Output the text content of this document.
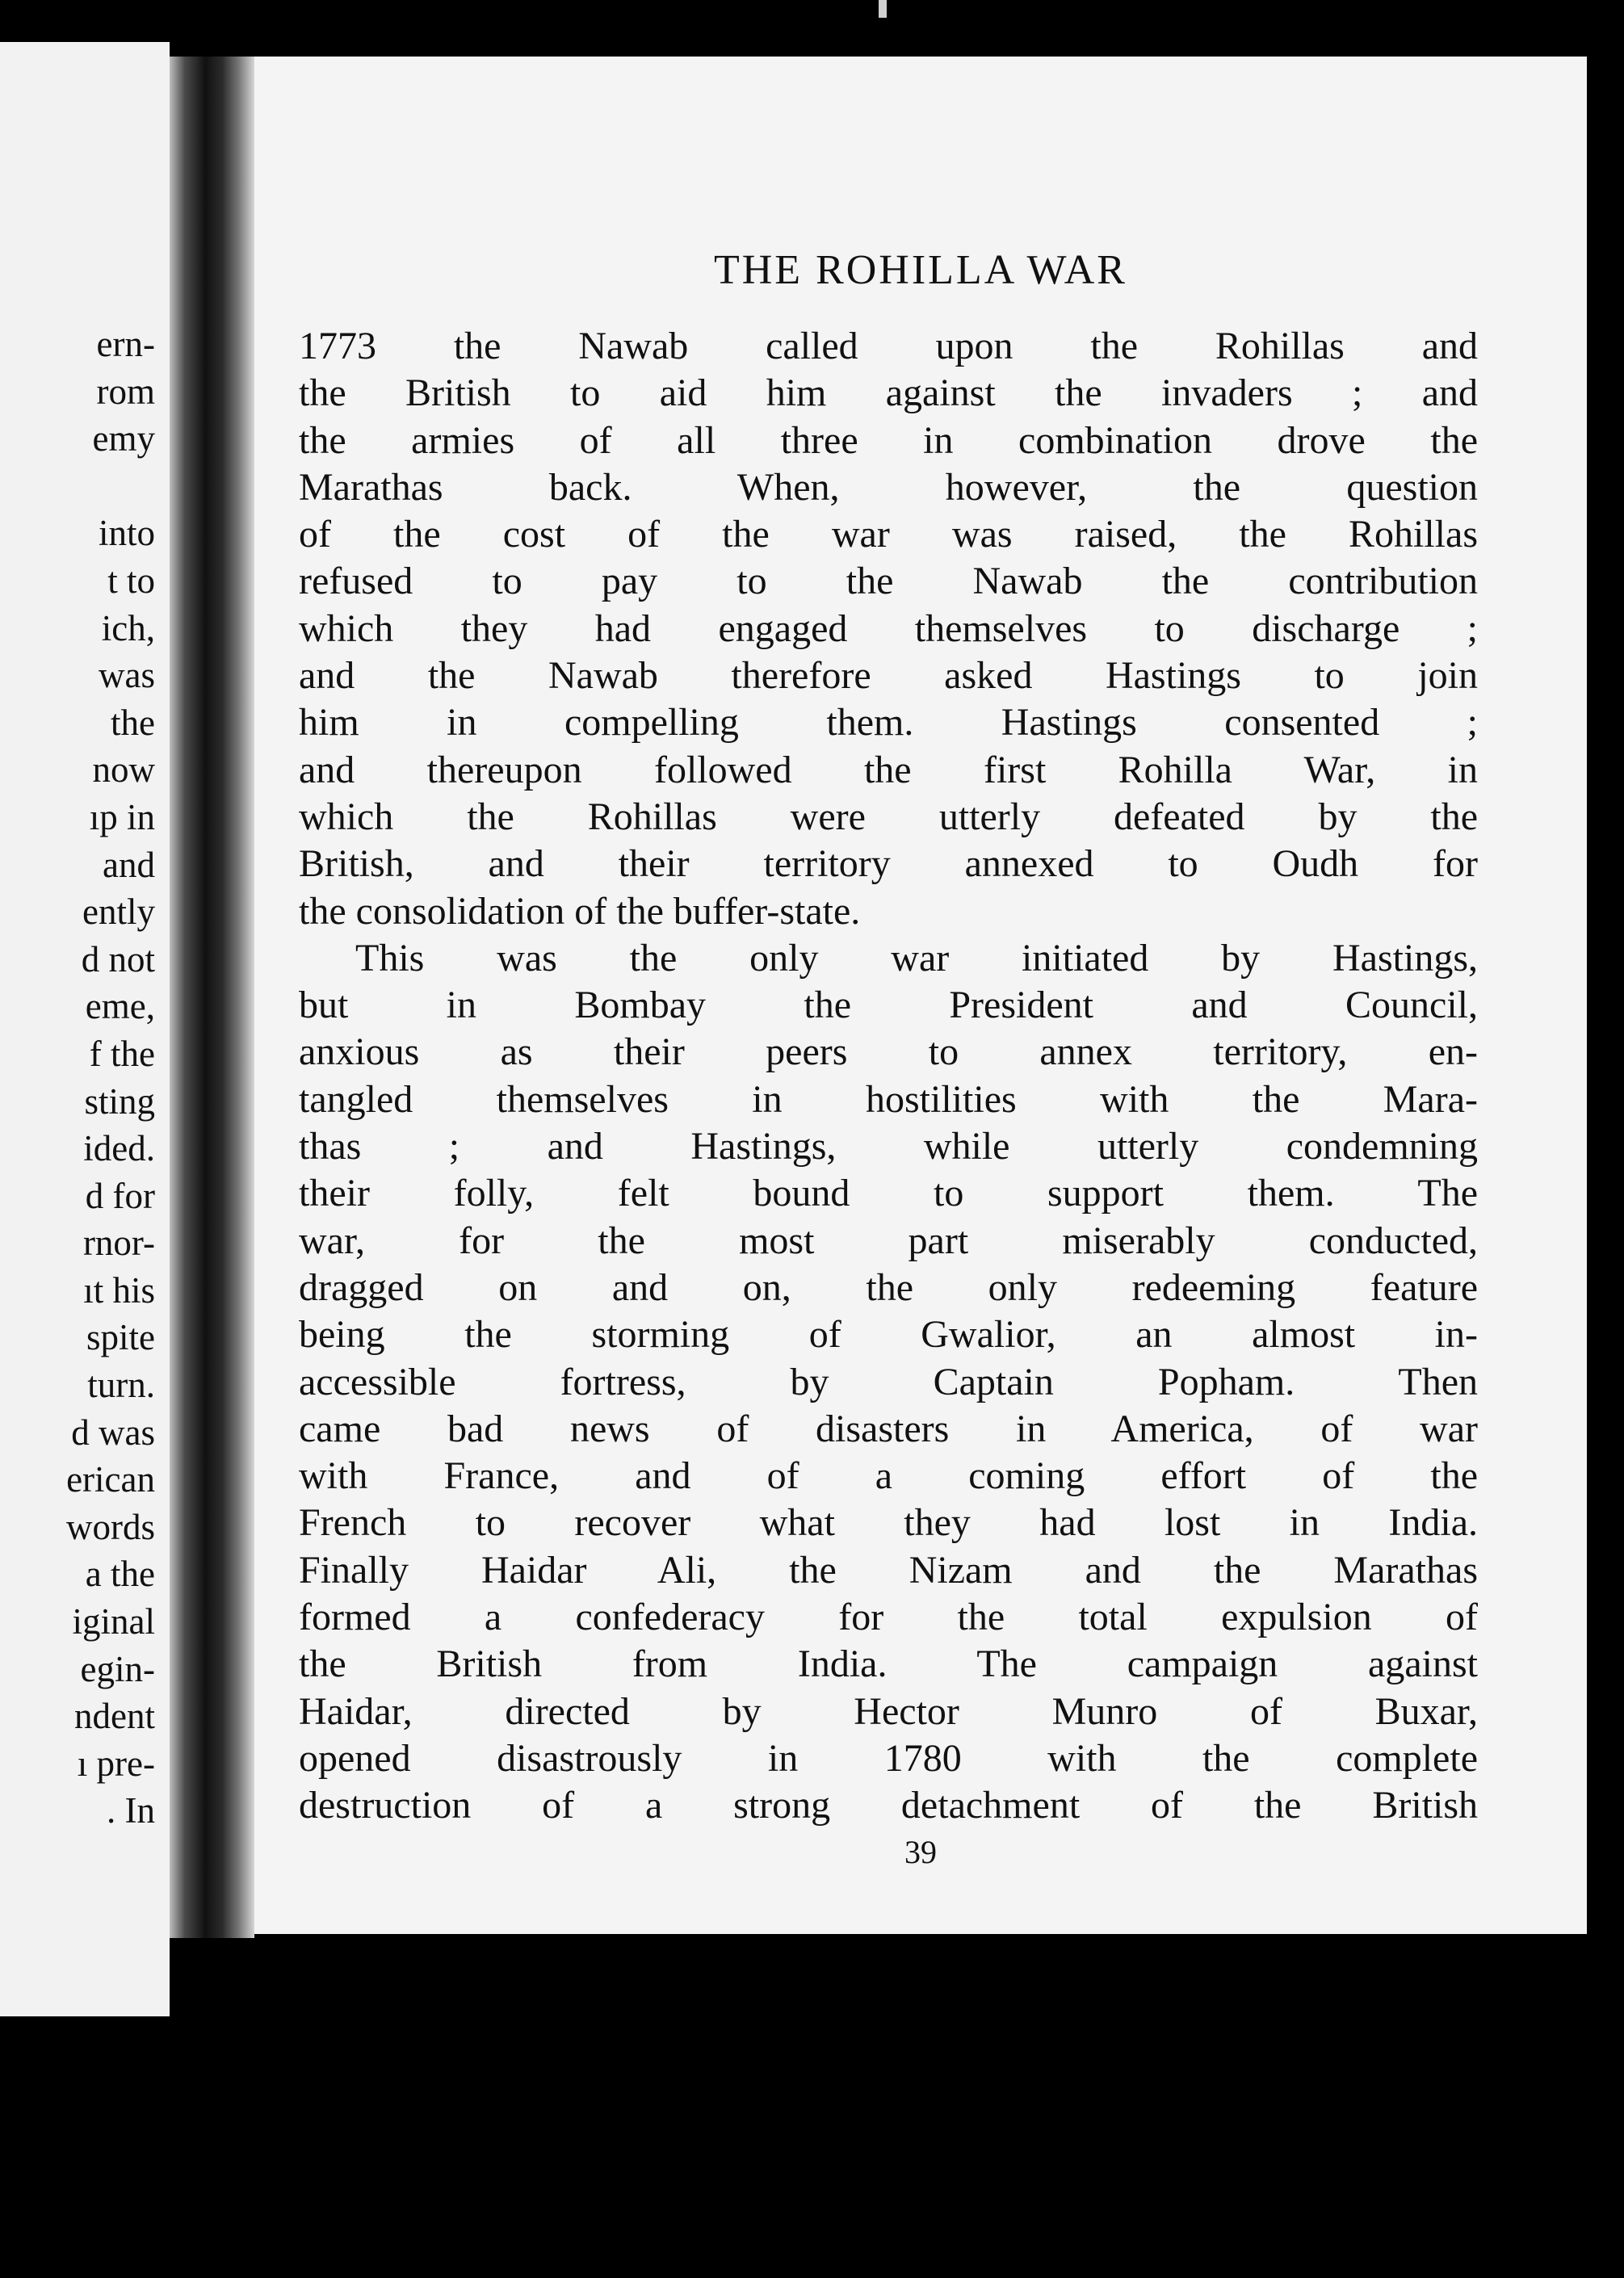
ern-
rom
emy

into
t to
ich,
was
the
now
ıp in
and
ently
d not
eme,
f the
sting
ided.
d for
rnor-
ıt his
spite
turn.
d was
erican
words
a the
iginal
egin-
ndent
ı pre-
. In
THE ROHILLA WAR
1773 the Nawab called upon the Rohillas and
the British to aid him against the invaders ; and
the armies of all three in combination drove the
Marathas back. When, however, the question
of the cost of the war was raised, the Rohillas
refused to pay to the Nawab the contribution
which they had engaged themselves to discharge ;
and the Nawab therefore asked Hastings to join
him in compelling them. Hastings consented ;
and thereupon followed the first Rohilla War, in
which the Rohillas were utterly defeated by the
British, and their territory annexed to Oudh for
the consolidation of the buffer-state.
This was the only war initiated by Hastings,
but in Bombay the President and Council,
anxious as their peers to annex territory, en-
tangled themselves in hostilities with the Mara-
thas ; and Hastings, while utterly condemning
their folly, felt bound to support them. The
war, for the most part miserably conducted,
dragged on and on, the only redeeming feature
being the storming of Gwalior, an almost in-
accessible fortress, by Captain Popham. Then
came bad news of disasters in America, of war
with France, and of a coming effort of the
French to recover what they had lost in India.
Finally Haidar Ali, the Nizam and the Marathas
formed a confederacy for the total expulsion of
the British from India. The campaign against
Haidar, directed by Hector Munro of Buxar,
opened disastrously in 1780 with the complete
destruction of a strong detachment of the British
39
